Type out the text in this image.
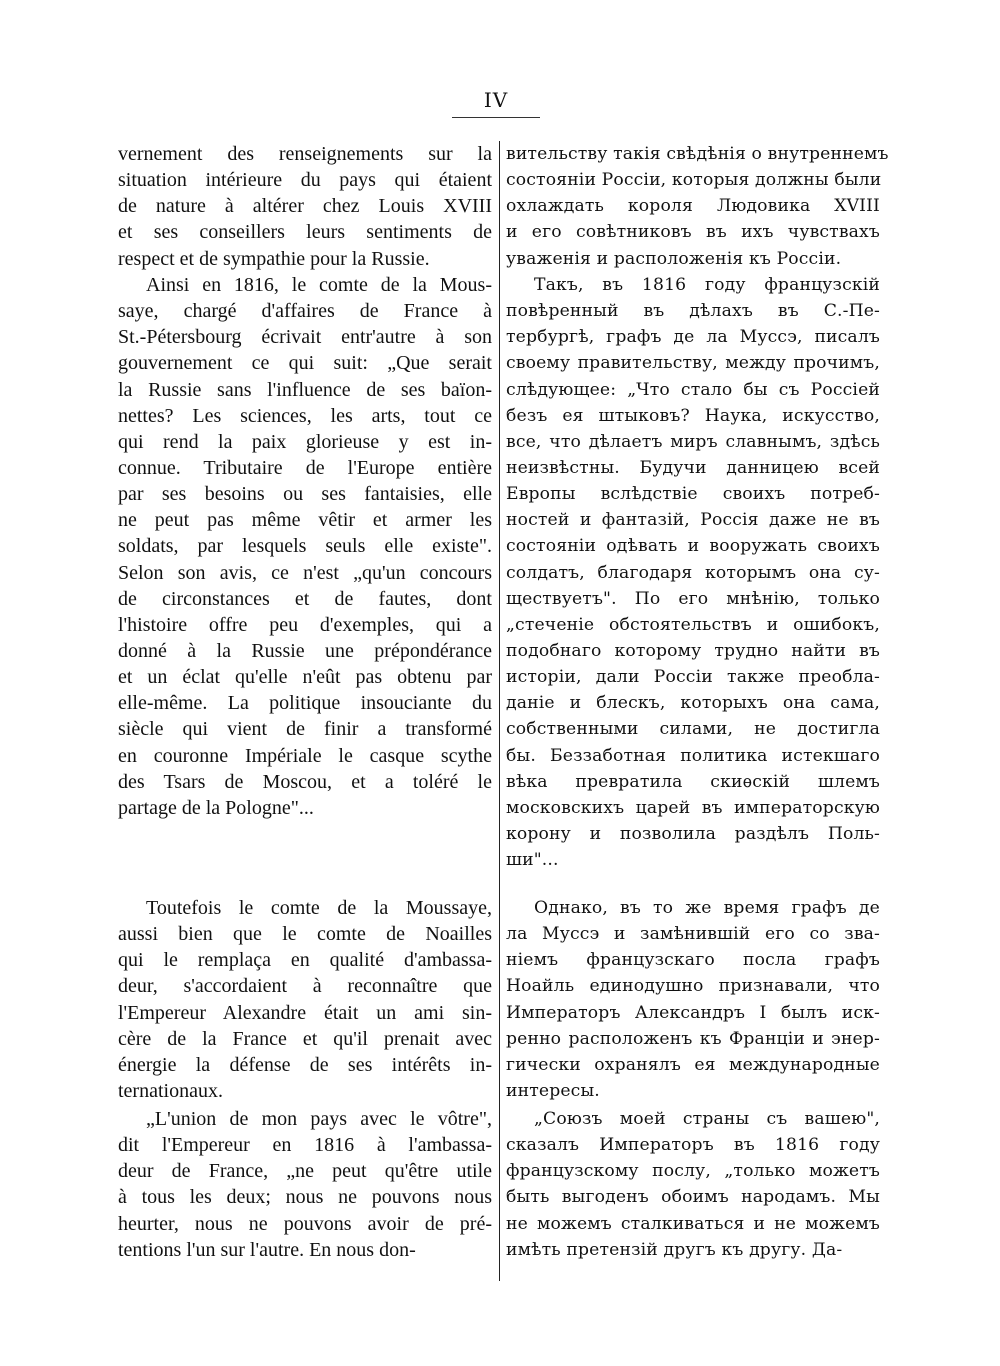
IV
vernement des renseignements sur la
situation intérieure du pays qui étaient
de nature à altérer chez Louis XVIII
et ses conseillers leurs sentiments de
respect et de sympathie pour la Russie.
Ainsi en 1816, le comte de la Mous-
saye, chargé d'affaires de France à
St.-Pétersbourg écrivait entr'autre à son
gouvernement ce qui suit: „Que serait
la Russie sans l'influence de ses baïon-
nettes? Les sciences, les arts, tout ce
qui rend la paix glorieuse y est in-
connue. Tributaire de l'Europe entière
par ses besoins ou ses fantaisies, elle
ne peut pas même vêtir et armer les
soldats, par lesquels seuls elle existe".
Selon son avis, ce n'est „qu'un concours
de circonstances et de fautes, dont
l'histoire offre peu d'exemples, qui a
donné à la Russie une prépondérance
et un éclat qu'elle n'eût pas obtenu par
elle-même. La politique insouciante du
siècle qui vient de finir a transformé
en couronne Impériale le casque scythe
des Tsars de Moscou, et a toléré le
partage de la Pologne"...
Toutefois le comte de la Moussaye,
aussi bien que le comte de Noailles
qui le remplaça en qualité d'ambassa-
deur, s'accordaient à reconnaître que
l'Empereur Alexandre était un ami sin-
cère de la France et qu'il prenait avec
énergie la défense de ses intérêts in-
ternationaux.
„L'union de mon pays avec le vôtre",
dit l'Empereur en 1816 à l'ambassa-
deur de France, „ne peut qu'être utile
à tous les deux; nous ne pouvons nous
heurter, nous ne pouvons avoir de pré-
tentions l'un sur l'autre. En nous don-
вительству такія свѣдѣнія о внутреннемъ
состояніи Россіи, которыя должны были
охлаждать короля Людовика XVIII
и его совѣтниковъ въ ихъ чувствахъ
уваженія и расположенія къ Россіи.
Такъ, въ 1816 году французскій
повѣренный въ дѣлахъ въ С.-Пе-
тербургѣ, графъ де ла Муссэ, писалъ
своему правительству, между прочимъ,
слѣдующее: „Что стало бы съ Россіей
безъ ея штыковъ? Наука, искусство,
все, что дѣлаетъ миръ славнымъ, здѣсь
неизвѣстны. Будучи данницею всей
Европы вслѣдствіе своихъ потреб-
ностей и фантазій, Россія даже не въ
состояніи одѣвать и вооружать своихъ
солдатъ, благодаря которымъ она су-
ществуетъ". По его мнѣнію, только
„стеченіе обстоятельствъ и ошибокъ,
подобнаго которому трудно найти въ
исторіи, дали Россіи также преобла-
даніе и блескъ, которыхъ она сама,
собственными силами, не достигла
бы. Беззаботная политика истекшаго
вѣка превратила скиѳскій шлемъ
московскихъ царей въ императорскую
корону и позволила раздѣлъ Поль-
ши"...
Однако, въ то же время графъ де
ла Муссэ и замѣнившій его со зва-
ніемъ французскаго посла графъ
Ноайль единодушно признавали, что
Императоръ Александръ I былъ иск-
ренно расположенъ къ Франціи и энер-
гически охранялъ ея международные
интересы.
„Союзъ моей страны съ вашею",
сказалъ Императоръ въ 1816 году
французскому послу, „только можетъ
быть выгоденъ обоимъ народамъ. Мы
не можемъ сталкиваться и не можемъ
имѣть претензій другъ къ другу. Да-
